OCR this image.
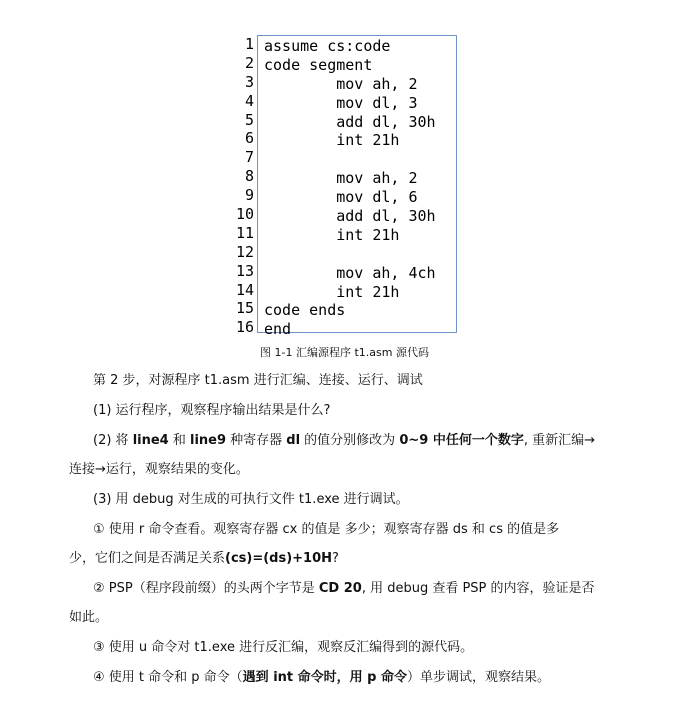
1
2
3
4
5
6
7
8
9
10
11
12
13
14
15
16
assume cs:code
code segment
mov ah, 2
mov dl, 3
add dl, 30h
int 21h
mov ah, 2
mov dl, 6
add dl, 30h
int 21h
mov ah, 4ch
int 21h
code ends
end
图 1-1 汇编源程序 t1.asm 源代码
第 2 步，对源程序 t1.asm 进行汇编、连接、运行、调试
(1) 运行程序，观察程序输出结果是什么?
(2) 将 line4 和 line9 种寄存器 dl 的值分别修改为 0~9 中任何一个数字, 重新汇编→
连接→运行，观察结果的变化。
(3) 用 debug 对生成的可执行文件 t1.exe 进行调试。
① 使用 r 命令查看。观察寄存器 cx 的值是 多少；观察寄存器 ds 和 cs 的值是多
少，它们之间是否满足关系(cs)=(ds)+10H?
② PSP（程序段前缀）的头两个字节是 CD 20, 用 debug 查看 PSP 的内容，验证是否
如此。
③ 使用 u 命令对 t1.exe 进行反汇编，观察反汇编得到的源代码。
④ 使用 t 命令和 p 命令（遇到 int 命令时，用 p 命令）单步调试，观察结果。
